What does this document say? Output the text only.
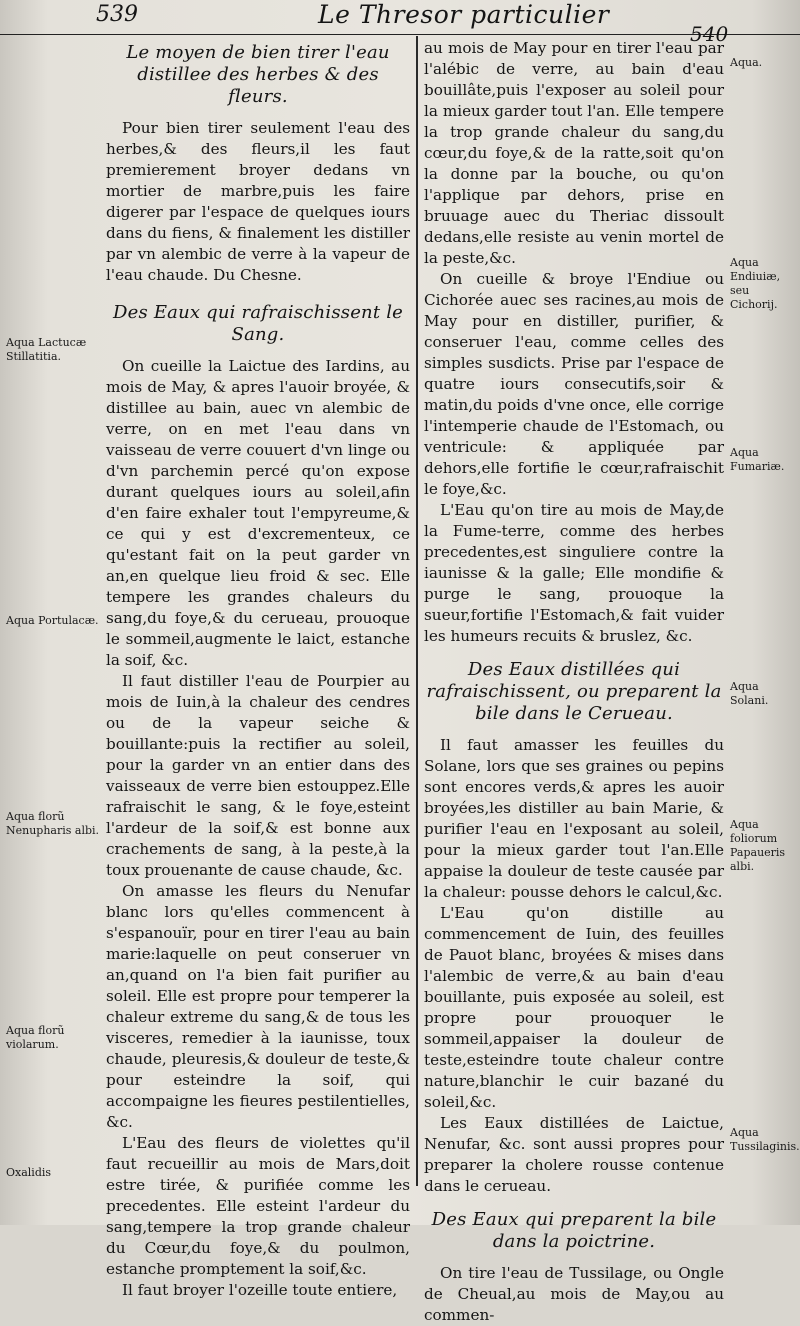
539	Le Thresor particulier
540
Le moyen de bien tirer l'eau distillee des herbes & des fleurs.

Pour bien tirer seulement l'eau des herbes,& des fleurs,il les faut premierement broyer dedans vn mortier de marbre,puis les faire digerer par l'espace de quelques iours dans du fiens, & finalement les distiller par vn alembic de verre à la vapeur de l'eau chaude. Du Chesne.

Des Eaux qui rafraischissent le Sang.

On cueille la Laictue des Iardins, au mois de May, & apres l'auoir broyée, & distillee au bain, auec vn alembic de verre, on en met l'eau dans vn vaisseau de verre couuert d'vn linge ou d'vn parchemin percé qu'on expose durant quelques iours au soleil,afin d'en faire exhaler tout l'empyreume,& ce qui y est d'excrementeux, ce qu'estant fait on la peut garder vn an,en quelque lieu froid & sec. Elle tempere les grandes chaleurs du sang,du foye,& du cerueau, prouoque le sommeil,augmente le laict, estanche la soif, &c.

Il faut distiller l'eau de Pourpier au mois de Iuin,à la chaleur des cendres ou de la vapeur seiche & bouillante:puis la rectifier au soleil, pour la garder vn an entier dans des vaisseaux de verre bien estouppez.Elle rafraischit le sang, & le foye,esteint l'ardeur de la soif,& est bonne aux crachements de sang, à la peste,à la toux prouenante de cause chaude, &c.

On amasse les fleurs du Nenufar blanc lors qu'elles commencent à s'espanouïr, pour en tirer l'eau au bain marie:laquelle on peut conseruer vn an,quand on l'a bien fait purifier au soleil. Elle est propre pour temperer la chaleur extreme du sang,& de tous les visceres, remedier à la iaunisse, toux chaude, pleuresis,& douleur de teste,& pour esteindre la soif, qui accompaigne les fieures pestilentielles, &c.

L'Eau des fleurs de violettes qu'il faut recueillir au mois de Mars,doit estre tirée, & purifiée comme les precedentes. Elle esteint l'ardeur du sang,tempere la trop grande chaleur du Cœur,du foye,& du poulmon, estanche promptement la soif,&c.

Il faut broyer l'ozeille toute entiere,

au mois de May pour en tirer l'eau par l'alébic de verre, au bain d'eau bouillâte,puis l'exposer au soleil pour la mieux garder tout l'an. Elle tempere la trop grande chaleur du sang,du cœur,du foye,& de la ratte,soit qu'on la donne par la bouche, ou qu'on l'applique par dehors, prise en bruuage auec du Theriac dissoult dedans,elle resiste au venin mortel de la peste,&c.

On cueille & broye l'Endiue ou Cichorée auec ses racines,au mois de May pour en distiller, purifier, & conseruer l'eau, comme celles des simples susdicts. Prise par l'espace de quatre iours consecutifs,soir & matin,du poids d'vne once, elle corrige l'intemperie chaude de l'Estomach, ou ventricule: & appliquée par dehors,elle fortifie le cœur,rafraischit le foye,&c.

L'Eau qu'on tire au mois de May,de la Fume-terre, comme des herbes precedentes,est singuliere contre la iaunisse & la galle; Elle mondifie & purge le sang, prouoque la sueur,fortifie l'Estomach,& fait vuider les humeurs recuits & bruslez, &c.

Des Eaux distillées qui rafraischissent, ou preparent la bile dans le Cerueau.

Il faut amasser les feuilles du Solane, lors que ses graines ou pepins sont encores verds,& apres les auoir broyées,les distiller au bain Marie, & purifier l'eau en l'exposant au soleil, pour la mieux garder tout l'an.Elle appaise la douleur de teste causée par la chaleur: pousse dehors le calcul,&c.

L'Eau qu'on distille au commencement de Iuin, des feuilles de Pauot blanc, broyées & mises dans l'alembic de verre,& au bain d'eau bouillante, puis exposée au soleil, est propre pour prouoquer le sommeil,appaiser la douleur de teste,esteindre toute chaleur contre nature,blanchir le cuir bazané du soleil,&c.

Les Eaux distillées de Laictue, Nenufar, &c. sont aussi propres pour preparer la cholere rousse contenue dans le cerueau.

Des Eaux qui preparent la bile dans la poictrine.

On tire l'eau de Tussilage, ou Ongle de Cheual,au mois de May,ou au commen-

Aqua Lactucæ Stillatitia.
Aqua Portulacæ.
Aqua florũ Nenupharis albi.
Aqua florũ violarum.
Oxalidis
Aqua.
Aqua Endiuiæ, seu Cichorij.
Aqua Fumariæ.
Aqua Solani.
Aqua foliorum Papaueris albi.
Aqua Tussilaginis.
